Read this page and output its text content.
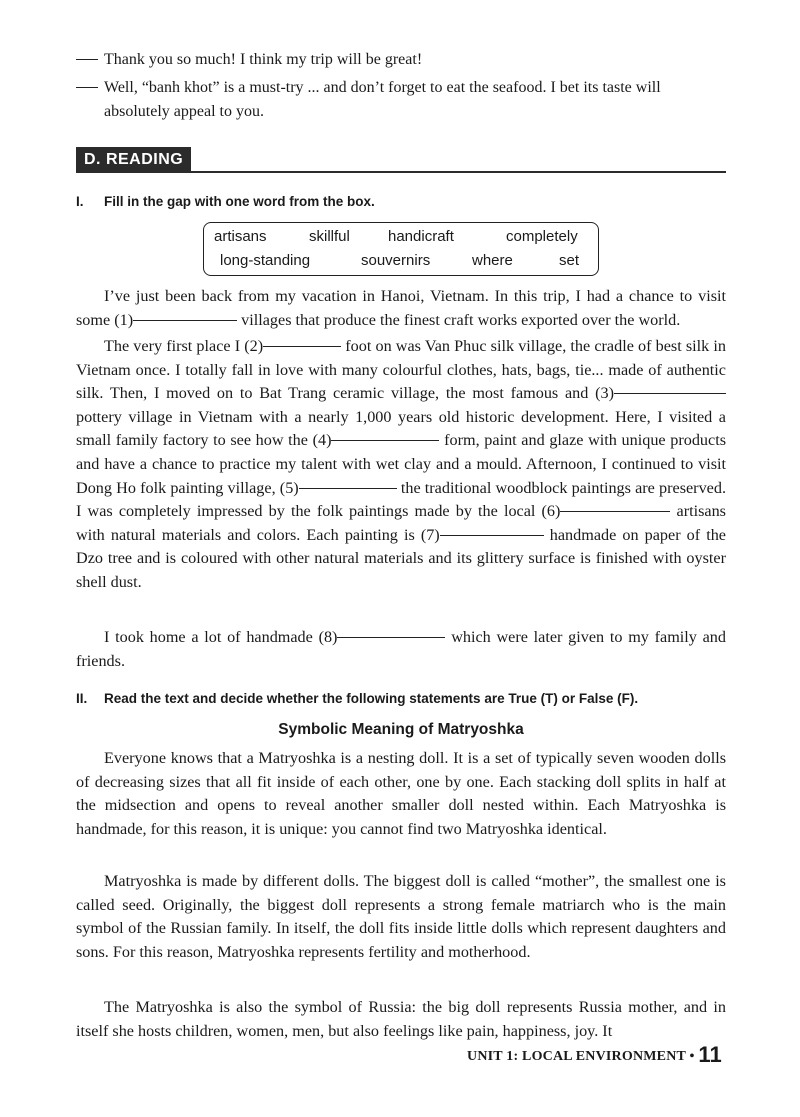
Thank you so much! I think my trip will be great!
Well, “banh khot” is a must-try ... and don’t forget to eat the seafood. I bet its taste will
absolutely appeal to you.
D. READING
I. Fill in the gap with one word from the box.
artisans	skillful	handicraft	completely
long-standing	souvernirs	where	set

I’ve just been back from my vacation in Hanoi, Vietnam. In this trip, I had a chance to visit some (1)	villages that produce the finest craft works exported over the world.

The very first place I (2)	foot on was Van Phuc silk village, the cradle of best silk in Vietnam once. I totally fall in love with many colourful clothes, hats, bags, tie... made of authentic silk. Then, I moved on to Bat Trang ceramic village, the most famous and (3) pottery village in Vietnam with a nearly 1,000 years old historic development. Here, I visited a small family factory to see how the (4)	form, paint and glaze with unique products and have a chance to practice my talent with wet clay and a mould. Afternoon, I continued to visit Dong Ho folk painting village, (5)	the traditional woodblock paintings are preserved. I was completely impressed by the folk paintings made by the local (6)	artisans with natural materials and colors. Each painting is (7)	handmade on paper of the Dzo tree and is coloured with other natural materials and its glittery surface is finished with oyster shell dust.

I took home a lot of handmade (8)	which were later given to my family and friends.

II. Read the text and decide whether the following statements are True (T) or False (F).
Symbolic Meaning of Matryoshka

Everyone knows that a Matryoshka is a nesting doll. It is a set of typically seven wooden dolls of decreasing sizes that all fit inside of each other, one by one. Each stacking doll splits in half at the midsection and opens to reveal another smaller doll nested within. Each Matryoshka is handmade, for this reason, it is unique: you cannot find two Matryoshka identical.

Matryoshka is made by different dolls. The biggest doll is called “mother”, the smallest one is called seed. Originally, the biggest doll represents a strong female matriarch who is the main symbol of the Russian family. In itself, the doll fits inside little dolls which represent daughters and sons. For this reason, Matryoshka represents fertility and motherhood.

The Matryoshka is also the symbol of Russia: the big doll represents Russia mother, and in itself she hosts children, women, men, but also feelings like pain, happiness, joy. It

UNIT 1: LOCAL ENVIRONMENT • 11
